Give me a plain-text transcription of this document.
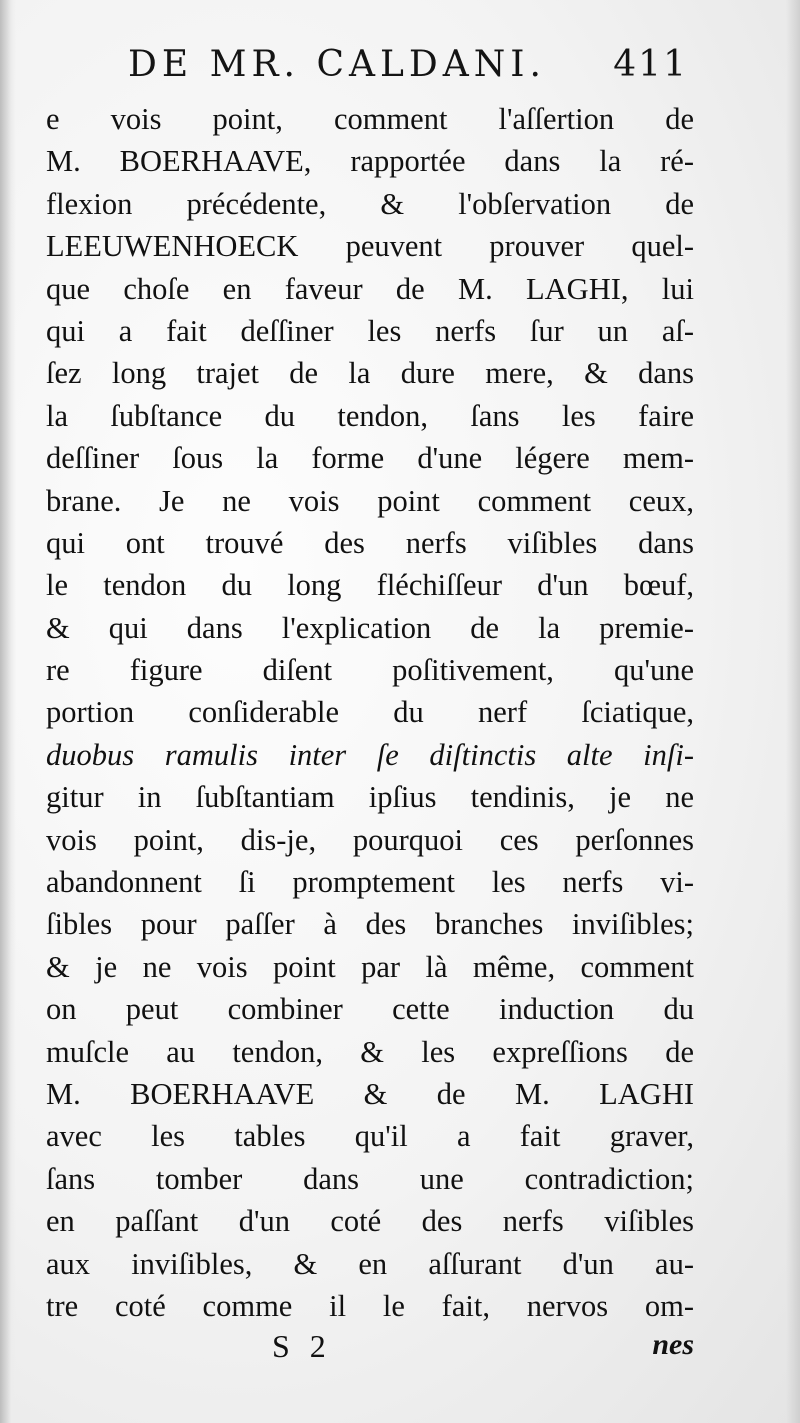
DE MR. CALDANI. 411
e vois point, comment l'aſſertion de
M. BOERHAAVE, rapportée dans la ré-
flexion précédente, & l'obſervation de
LEEUWENHOECK peuvent prouver quel-
que choſe en faveur de M. LAGHI, lui
qui a fait deſſiner les nerfs ſur un aſ-
ſez long trajet de la dure mere, & dans
la ſubſtance du tendon, ſans les faire
deſſiner ſous la forme d'une légere mem-
brane. Je ne vois point comment ceux,
qui ont trouvé des nerfs viſibles dans
le tendon du long fléchiſſeur d'un bœuf,
& qui dans l'explication de la premie-
re figure diſent poſitivement, qu'une
portion conſiderable du nerf ſciatique,
duobus ramulis inter ſe diſtinctis alte inſi-
gitur in ſubſtantiam ipſius tendinis, je ne
vois point, dis-je, pourquoi ces perſonnes
abandonnent ſi promptement les nerfs vi-
ſibles pour paſſer à des branches inviſibles;
& je ne vois point par là même, comment
on peut combiner cette induction du
muſcle au tendon, & les expreſſions de
M. BOERHAAVE & de M. LAGHI
avec les tables qu'il a fait graver,
ſans tomber dans une contradiction;
en paſſant d'un coté des nerfs viſibles
aux inviſibles, & en aſſurant d'un au-
tre coté comme il le fait, nervos om-
S 2	nes
